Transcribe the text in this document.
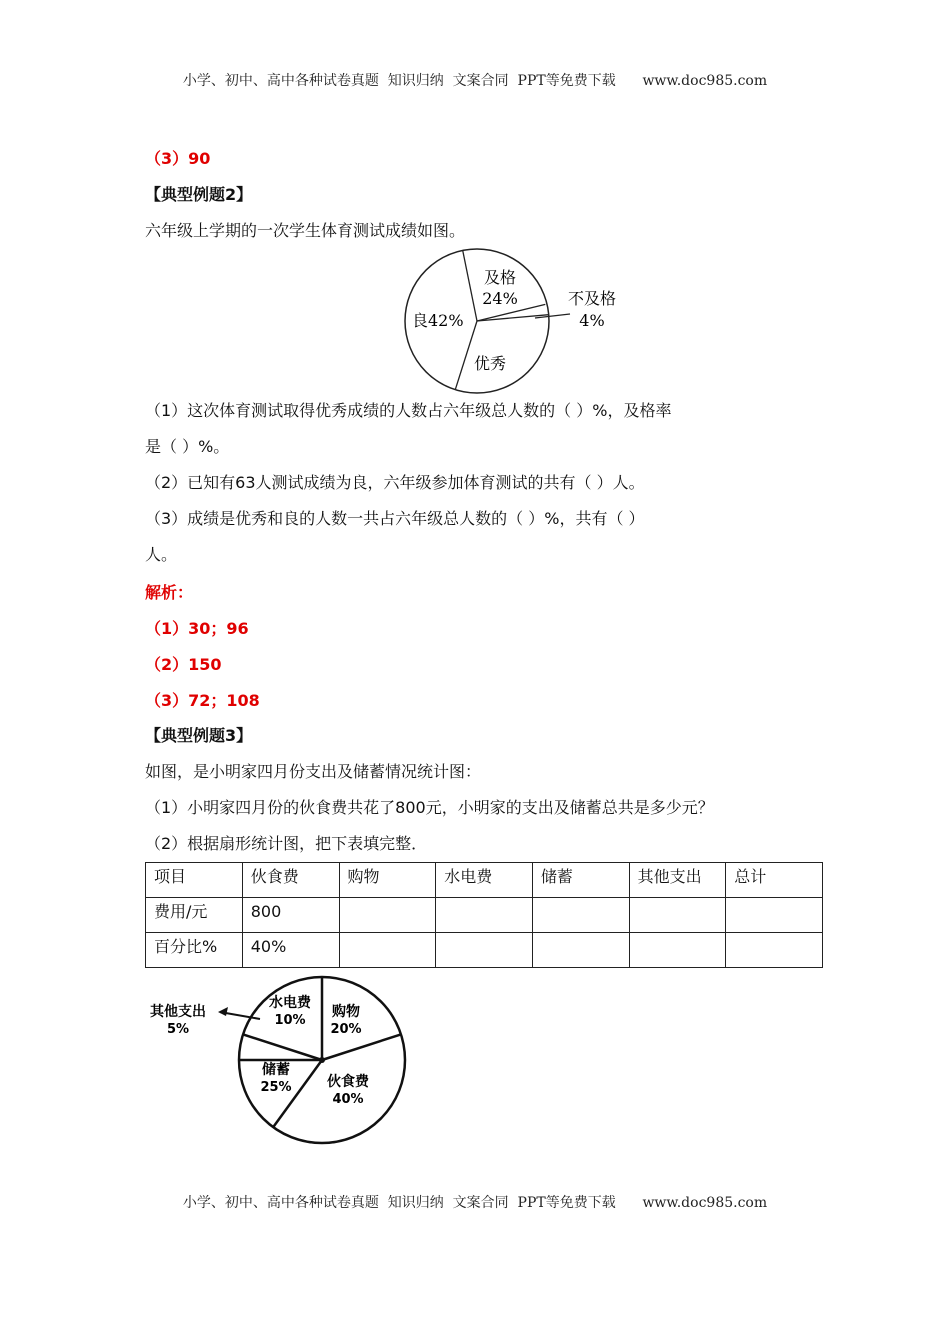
小学、初中、高中各种试卷真题  知识归纳  文案合同  PPT等免费下载      www.doc985.com
（3）90
【典型例题2】
六年级上学期的一次学生体育测试成绩如图。
及格
24%	不及格
4%
优秀
良 42%
（1）这次体育测试取得优秀成绩的人数占六年级总人数的（ ）%，及格率
是（ ）%。
（2）已知有63人测试成绩为良，六年级参加体育测试的共有（ ）人。
（3）成绩是优秀和良的人数一共占六年级总人数的（ ）%，共有（ ）
人。
解析：
（1）30；96
（2）150
（3）72；108
【典型例题3】
如图，是小明家四月份支出及储蓄情况统计图：
（1）小明家四月份的伙食费共花了800元，小明家的支出及储蓄总共是多少元？
（2）根据扇形统计图，把下表填完整．
项目	伙食费	购物	水电费	储蓄	其他支出	总计
费用/元	800					
百分比%	40%					
其他支出
5%
水电费
10%
购物
20%
储蓄
25%	伙食费
40%
小学、初中、高中各种试卷真题  知识归纳  文案合同  PPT等免费下载      www.doc985.com
